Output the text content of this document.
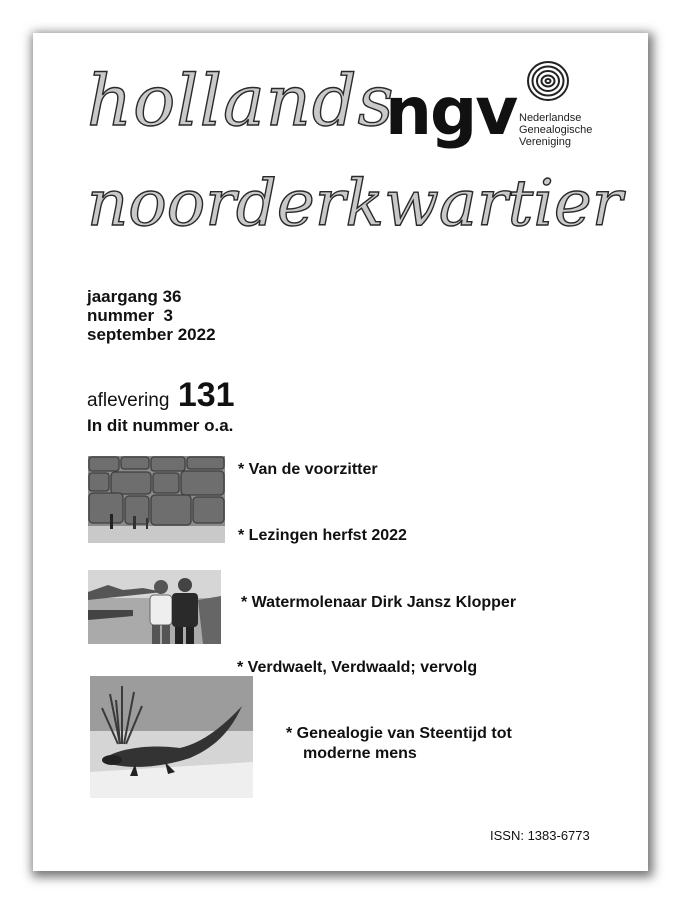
hollands
noorderkwartier
ngv Nederlandse
Genealogische
Vereniging
jaargang 36
nummer  3
september 2022
aflevering 131
In dit nummer o.a.
* Van de voorzitter
* Lezingen herfst 2022
* Watermolenaar Dirk Jansz Klopper
* Verdwaelt, Verdwaald; vervolg
* Genealogie van Steentijd tot
moderne mens
ISSN: 1383-6773
